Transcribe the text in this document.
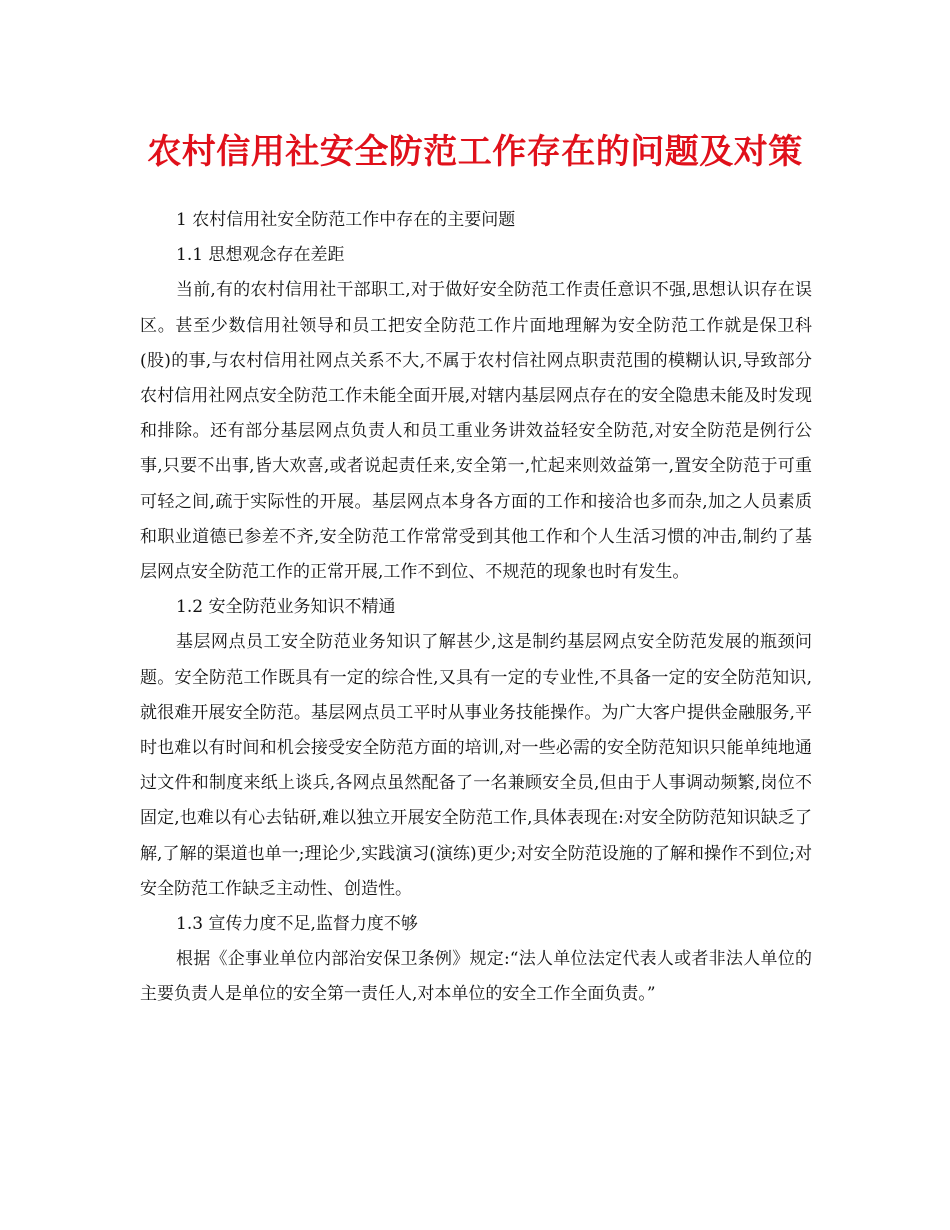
农村信用社安全防范工作存在的问题及对策

1 农村信用社安全防范工作中存在的主要问题

1.1 思想观念存在差距

当前,有的农村信用社干部职工,对于做好安全防范工作责任意识不强,思想认识存在误区。甚至少数信用社领导和员工把安全防范工作片面地理解为安全防范工作就是保卫科(股)的事,与农村信用社网点关系不大,不属于农村信社网点职责范围的模糊认识,导致部分农村信用社网点安全防范工作未能全面开展,对辖内基层网点存在的安全隐患未能及时发现和排除。还有部分基层网点负责人和员工重业务讲效益轻安全防范,对安全防范是例行公事,只要不出事,皆大欢喜,或者说起责任来,安全第一,忙起来则效益第一,置安全防范于可重可轻之间,疏于实际性的开展。基层网点本身各方面的工作和接洽也多而杂,加之人员素质和职业道德已参差不齐,安全防范工作常常受到其他工作和个人生活习惯的冲击,制约了基层网点安全防范工作的正常开展,工作不到位、不规范的现象也时有发生。

1.2 安全防范业务知识不精通

基层网点员工安全防范业务知识了解甚少,这是制约基层网点安全防范发展的瓶颈问题。安全防范工作既具有一定的综合性,又具有一定的专业性,不具备一定的安全防范知识,就很难开展安全防范。基层网点员工平时从事业务技能操作。为广大客户提供金融服务,平时也难以有时间和机会接受安全防范方面的培训,对一些必需的安全防范知识只能单纯地通过文件和制度来纸上谈兵,各网点虽然配备了一名兼顾安全员,但由于人事调动频繁,岗位不固定,也难以有心去钻研,难以独立开展安全防范工作,具体表现在:对安全防防范知识缺乏了解,了解的渠道也单一;理论少,实践演习(演练)更少;对安全防范设施的了解和操作不到位;对安全防范工作缺乏主动性、创造性。

1.3 宣传力度不足,监督力度不够

根据《企事业单位内部治安保卫条例》规定:“法人单位法定代表人或者非法人单位的主要负责人是单位的安全第一责任人,对本单位的安全工作全面负责。”
